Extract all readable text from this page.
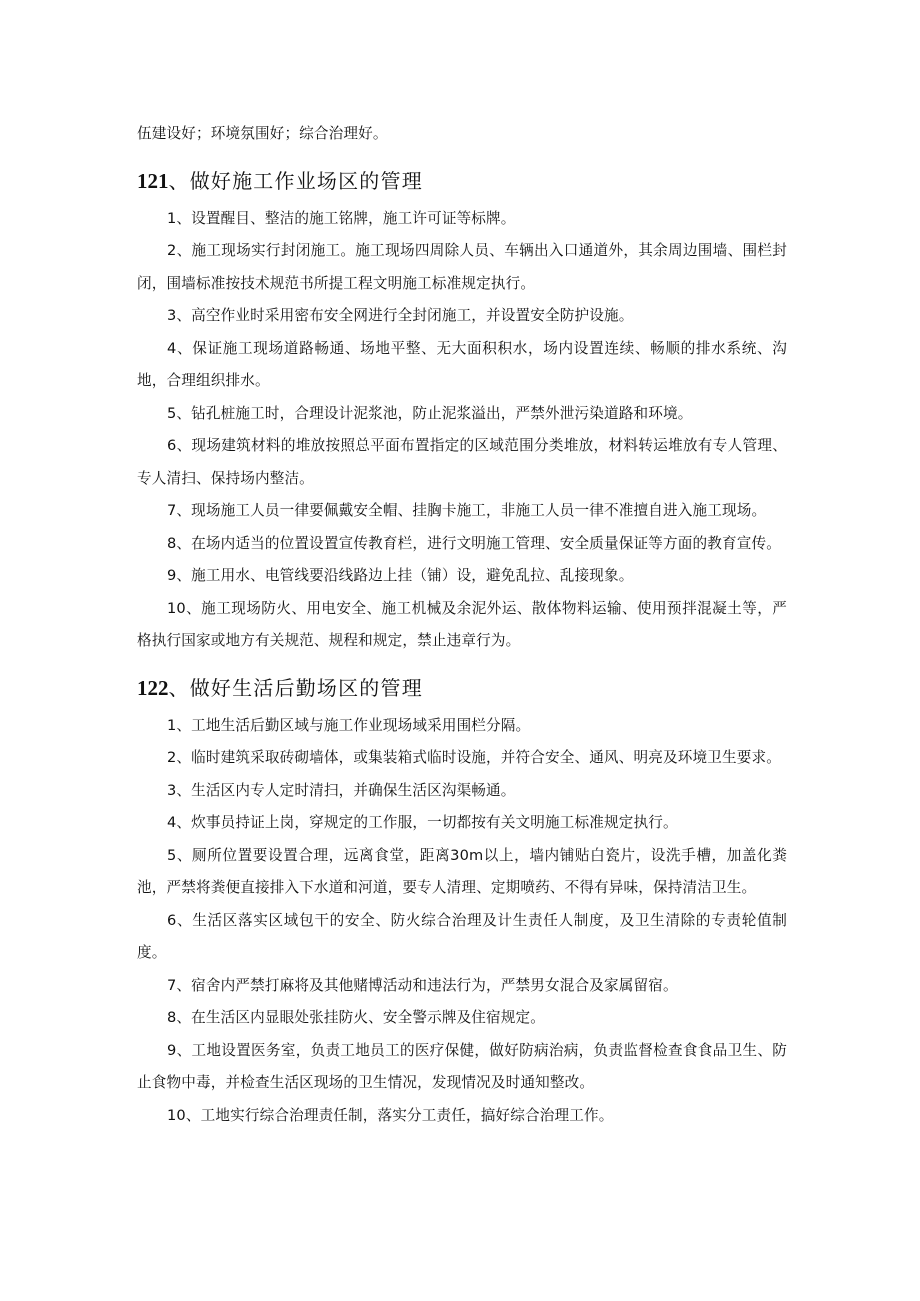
伍建设好；环境氛围好；综合治理好。

121、做好施工作业场区的管理

1、设置醒目、整洁的施工铭牌，施工许可证等标牌。

2、施工现场实行封闭施工。施工现场四周除人员、车辆出入口通道外，其余周边围墙、围栏封闭，围墙标准按技术规范书所提工程文明施工标准规定执行。

3、高空作业时采用密布安全网进行全封闭施工，并设置安全防护设施。

4、保证施工现场道路畅通、场地平整、无大面积积水，场内设置连续、畅顺的排水系统、沟地，合理组织排水。

5、钻孔桩施工时，合理设计泥浆池，防止泥浆溢出，严禁外泄污染道路和环境。

6、现场建筑材料的堆放按照总平面布置指定的区域范围分类堆放，材料转运堆放有专人管理、专人清扫、保持场内整洁。

7、现场施工人员一律要佩戴安全帽、挂胸卡施工，非施工人员一律不准擅自进入施工现场。

8、在场内适当的位置设置宣传教育栏，进行文明施工管理、安全质量保证等方面的教育宣传。

9、施工用水、电管线要沿线路边上挂（铺）设，避免乱拉、乱接现象。

10、施工现场防火、用电安全、施工机械及余泥外运、散体物料运输、使用预拌混凝土等，严格执行国家或地方有关规范、规程和规定，禁止违章行为。

122、做好生活后勤场区的管理

1、工地生活后勤区域与施工作业现场域采用围栏分隔。

2、临时建筑采取砖砌墙体，或集装箱式临时设施，并符合安全、通风、明亮及环境卫生要求。

3、生活区内专人定时清扫，并确保生活区沟渠畅通。

4、炊事员持证上岗，穿规定的工作服，一切都按有关文明施工标准规定执行。

5、厕所位置要设置合理，远离食堂，距离30m以上，墙内铺贴白瓷片，设洗手槽，加盖化粪池，严禁将粪便直接排入下水道和河道，要专人清理、定期喷药、不得有异味，保持清洁卫生。

6、生活区落实区域包干的安全、防火综合治理及计生责任人制度，及卫生清除的专责轮值制度。

7、宿舍内严禁打麻将及其他赌博活动和违法行为，严禁男女混合及家属留宿。

8、在生活区内显眼处张挂防火、安全警示牌及住宿规定。

9、工地设置医务室，负责工地员工的医疗保健，做好防病治病，负责监督检查食食品卫生、防止食物中毒，并检查生活区现场的卫生情况，发现情况及时通知整改。

10、工地实行综合治理责任制，落实分工责任，搞好综合治理工作。
